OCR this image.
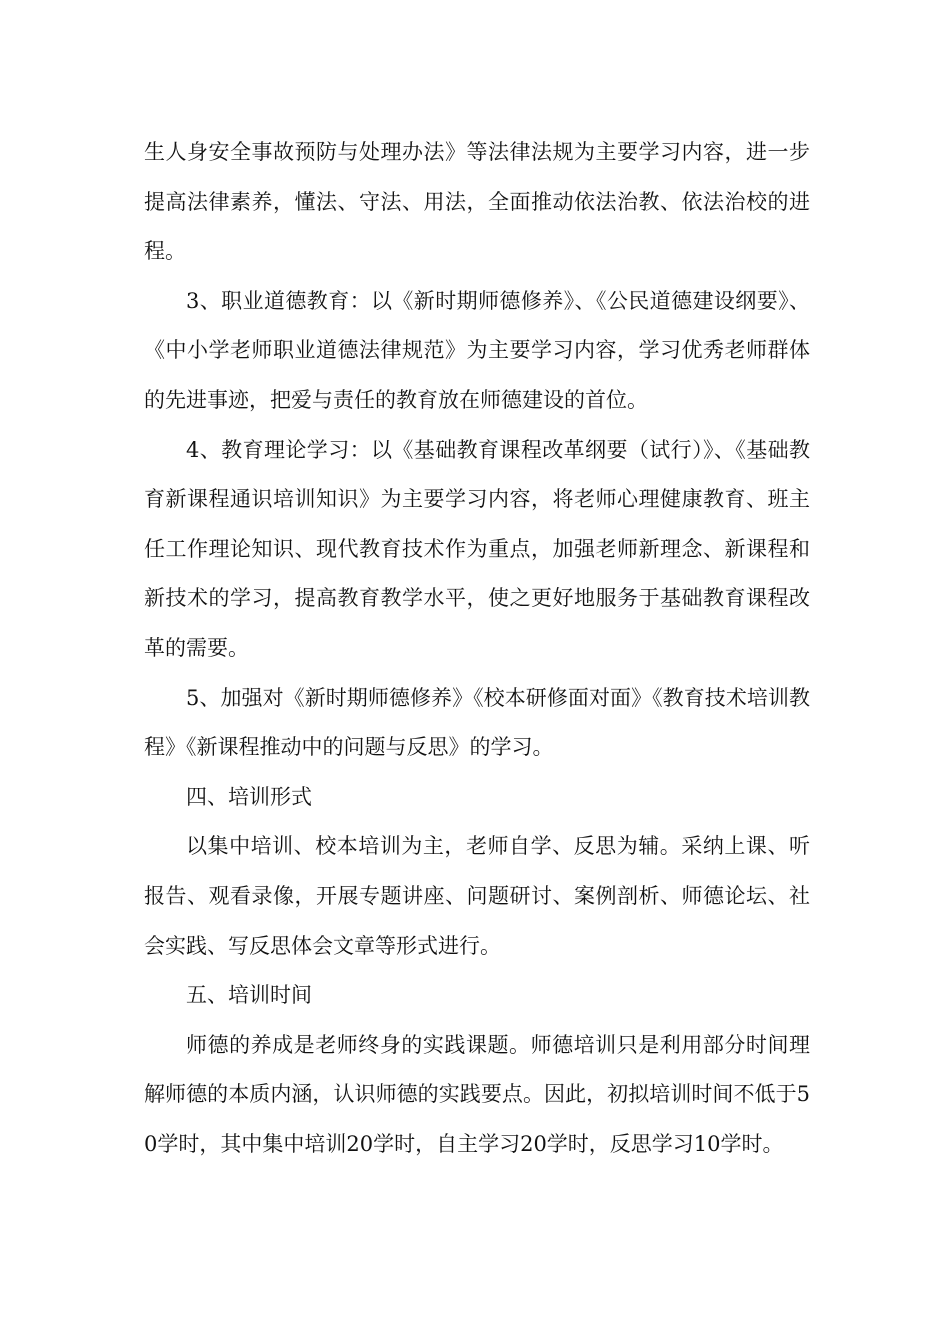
生人身安全事故预防与处理办法》等法律法规为主要学习内容，进一步提高法律素养，懂法、守法、用法，全面推动依法治教、依法治校的进程。

3、职业道德教育：以《新时期师德修养》、《公民道德建设纲要》、《中小学老师职业道德法律规范》为主要学习内容，学习优秀老师群体的先进事迹，把爱与责任的教育放在师德建设的首位。

4、教育理论学习：以《基础教育课程改革纲要（试行）》、《基础教育新课程通识培训知识》为主要学习内容，将老师心理健康教育、班主任工作理论知识、现代教育技术作为重点，加强老师新理念、新课程和新技术的学习，提高教育教学水平，使之更好地服务于基础教育课程改革的需要。

5、加强对《新时期师德修养》《校本研修面对面》《教育技术培训教程》《新课程推动中的问题与反思》的学习。

四、培训形式

以集中培训、校本培训为主，老师自学、反思为辅。采纳上课、听报告、观看录像，开展专题讲座、问题研讨、案例剖析、师德论坛、社会实践、写反思体会文章等形式进行。

五、培训时间

师德的养成是老师终身的实践课题。师德培训只是利用部分时间理解师德的本质内涵，认识师德的实践要点。因此，初拟培训时间不低于50学时，其中集中培训20学时，自主学习20学时，反思学习10学时。
